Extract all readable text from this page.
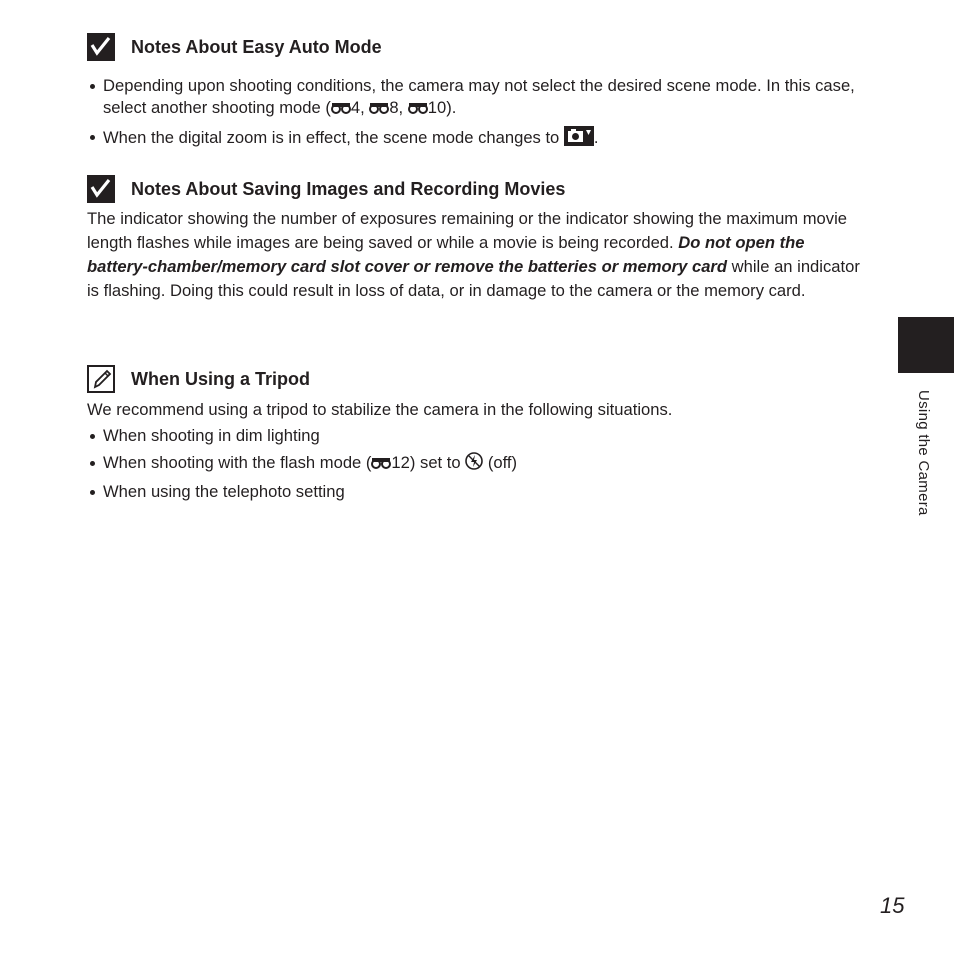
Notes About Easy Auto Mode

Depending upon shooting conditions, the camera may not select the desired scene mode. In this case, select another shooting mode ( 4, 8, 10).

When the digital zoom is in effect, the scene mode changes to .

Notes About Saving Images and Recording Movies

The indicator showing the number of exposures remaining or the indicator showing the maximum movie length flashes while images are being saved or while a movie is being recorded. Do not open the battery-chamber/memory card slot cover or remove the batteries or memory card while an indicator is flashing. Doing this could result in loss of data, or in damage to the camera or the memory card.

When Using a Tripod

We recommend using a tripod to stabilize the camera in the following situations.

When shooting in dim lighting

When shooting with the flash mode ( 12) set to  (off)

When using the telephoto setting	Using the Camera
15
